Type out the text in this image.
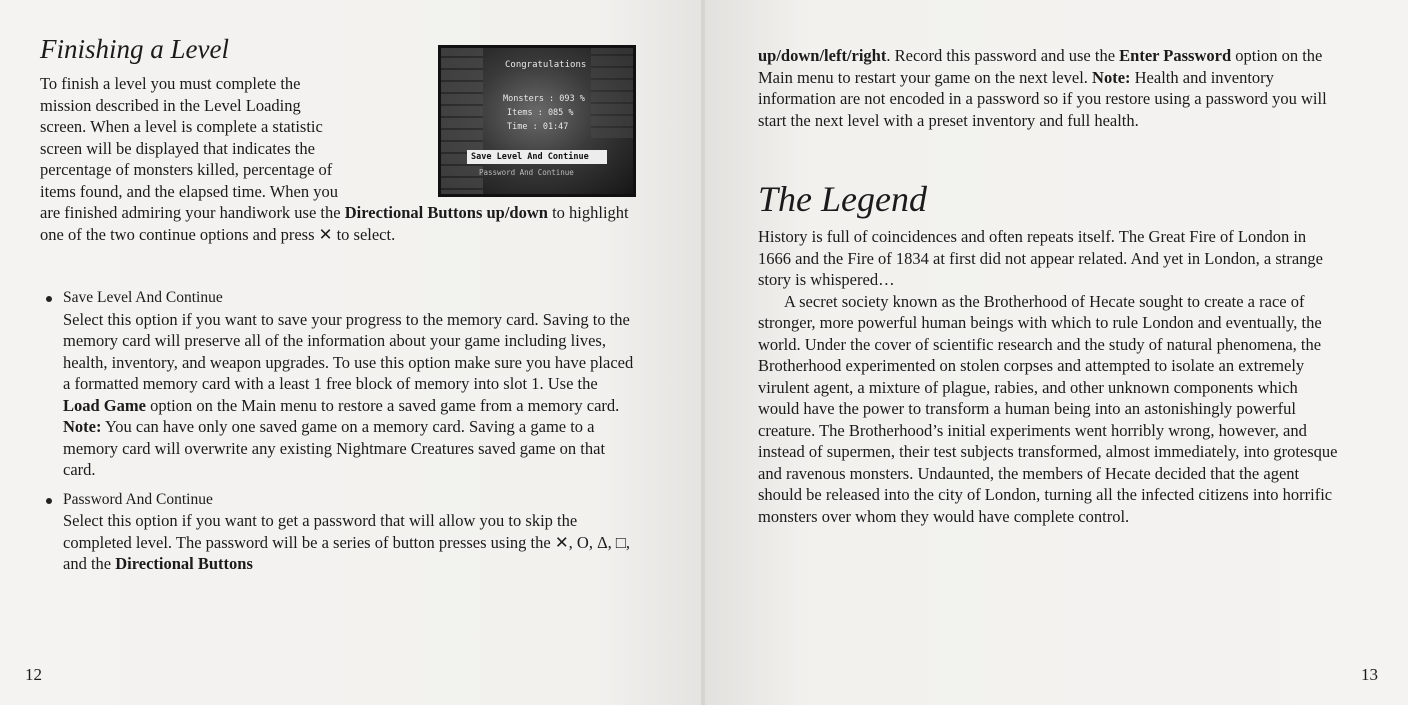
Finishing a Level
To finish a level you must complete the
mission described in the Level Loading
screen. When a level is complete a statistic
screen will be displayed that indicates the
percentage of monsters killed, percentage of
items found, and the elapsed time. When you
are finished admiring your handiwork use the Directional Buttons up/down to highlight one of the two continue options and press ✕ to select.
Congratulations
Monsters : 093 %
Items : 085 %
Time : 01:47
Save Level And Continue
Password And Continue
Save Level And Continue
Select this option if you want to save your progress to the memory card. Saving to the memory card will preserve all of the information about your game including lives, health, inventory, and weapon upgrades. To use this option make sure you have placed a formatted memory card with a least 1 free block of memory into slot 1. Use the Load Game option on the Main menu to restore a saved game from a memory card. Note: You can have only one saved game on a memory card. Saving a game to a memory card will overwrite any existing Nightmare Creatures saved game on that card.
Password And Continue
Select this option if you want to get a password that will allow you to skip the completed level. The password will be a series of button presses using the ✕, O, Δ, □, and the Directional Buttons
12
up/down/left/right. Record this password and use the Enter Password option on the Main menu to restart your game on the next level. Note: Health and inventory information are not encoded in a password so if you restore using a password you will start the next level with a preset inventory and full health.
The Legend

History is full of coincidences and often repeats itself. The Great Fire of London in 1666 and the Fire of 1834 at first did not appear related. And yet in London, a strange story is whispered…

A secret society known as the Brotherhood of Hecate sought to create a race of stronger, more powerful human beings with which to rule London and eventually, the world. Under the cover of scientific research and the study of natural phenomena, the Brotherhood experimented on stolen corpses and attempted to isolate an extremely virulent agent, a mixture of plague, rabies, and other unknown components which would have the power to transform a human being into an astonishingly powerful creature. The Brotherhood’s initial experiments went horribly wrong, however, and instead of supermen, their test subjects transformed, almost immediately, into grotesque and ravenous monsters. Undaunted, the members of Hecate decided that the agent should be released into the city of London, turning all the infected citizens into horrific monsters over whom they would have complete control.

13
